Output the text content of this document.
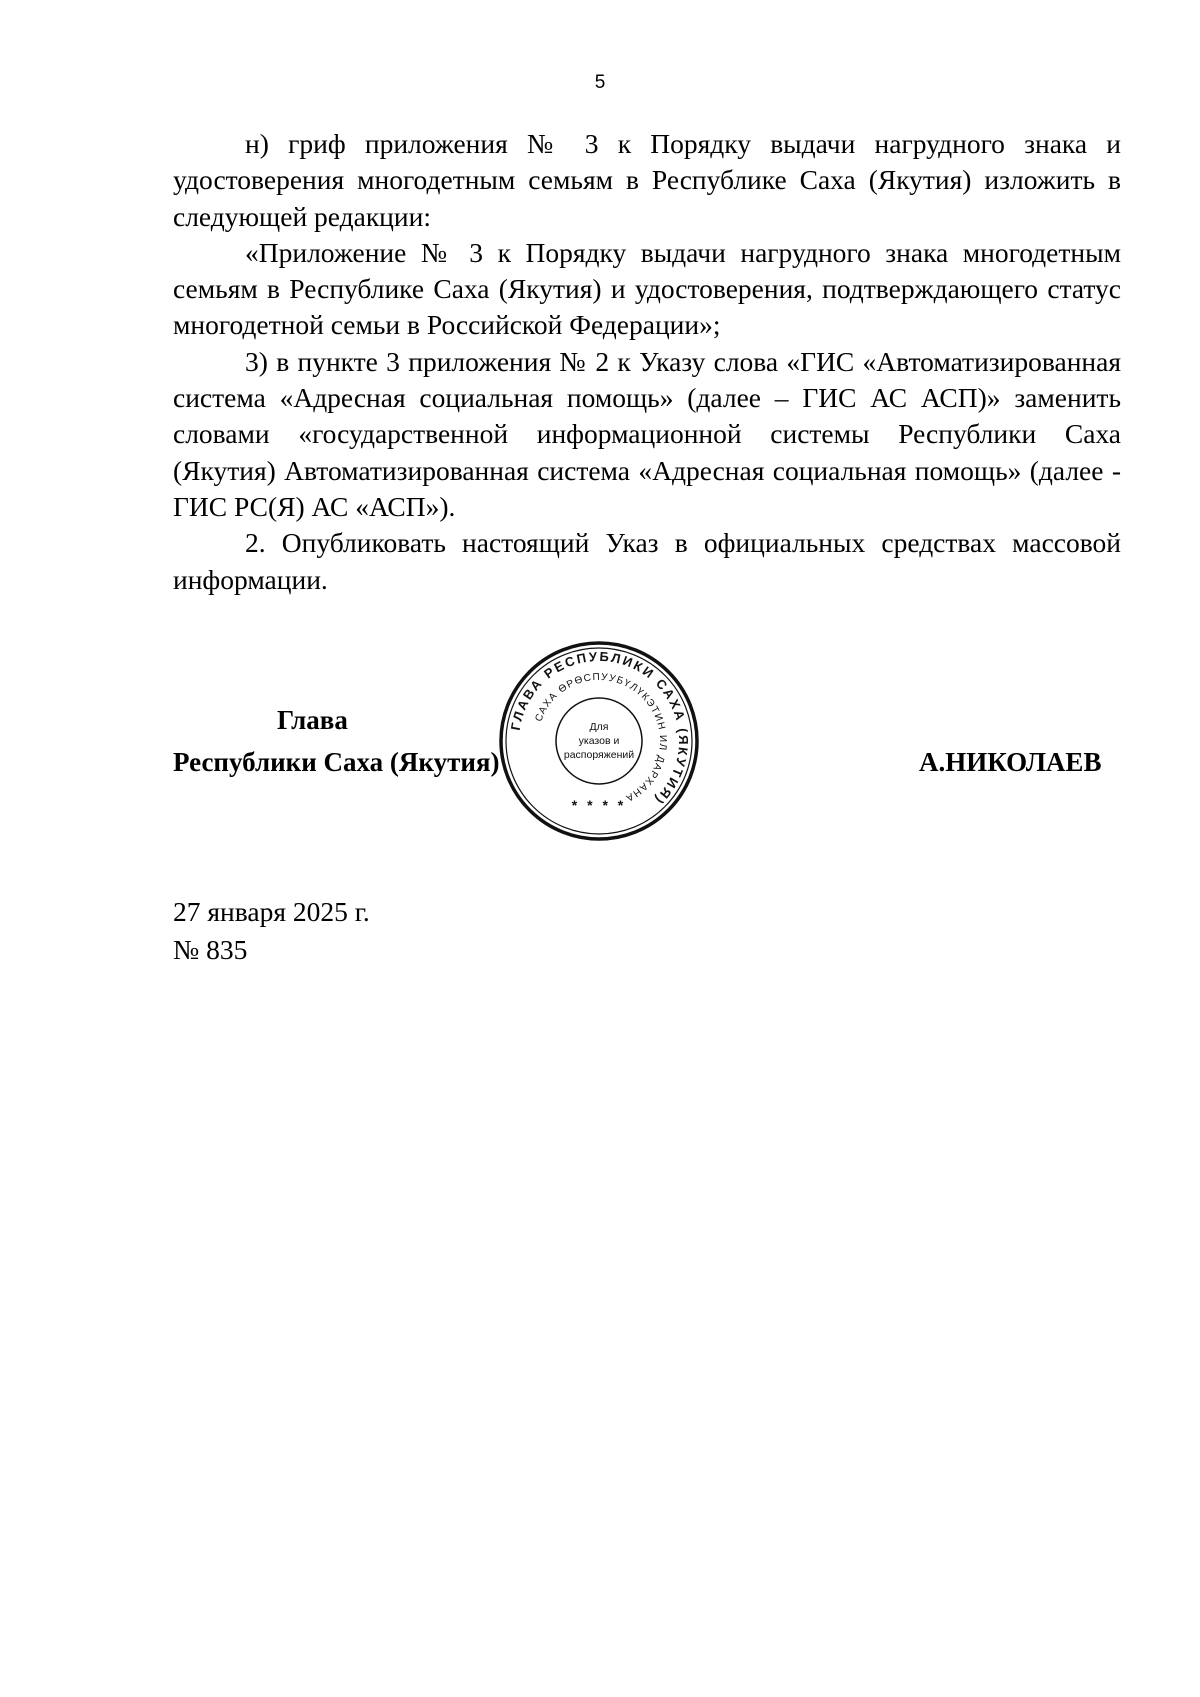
5

н) гриф приложения № 3 к Порядку выдачи нагрудного знака и удостоверения многодетным семьям в Республике Саха (Якутия) изложить в следующей редакции:

«Приложение № 3 к Порядку выдачи нагрудного знака многодетным семьям в Республике Саха (Якутия) и удостоверения, подтверждающего статус многодетной семьи в Российской Федерации»;

3) в пункте 3 приложения № 2 к Указу слова «ГИС «Автоматизированная система «Адресная социальная помощь» (далее – ГИС АС АСП)» заменить словами «государственной информационной системы Республики Саха (Якутия) Автоматизированная система «Адресная социальная помощь» (далее - ГИС РС(Я) АС «АСП»).

2. Опубликовать настоящий Указ в официальных средствах массовой информации.

Глава
Республики Саха (Якутия)	А.НИКОЛАЕВ
ГЛАВА РЕСПУБЛИКИ САХА (ЯКУТИЯ)
САХА ӨРӨСПУУБҮЛҮКЭТИН ИЛ ДАРХАНА
* * * *
Для
указов и
распоряжений
27 января 2025 г.
№ 835
